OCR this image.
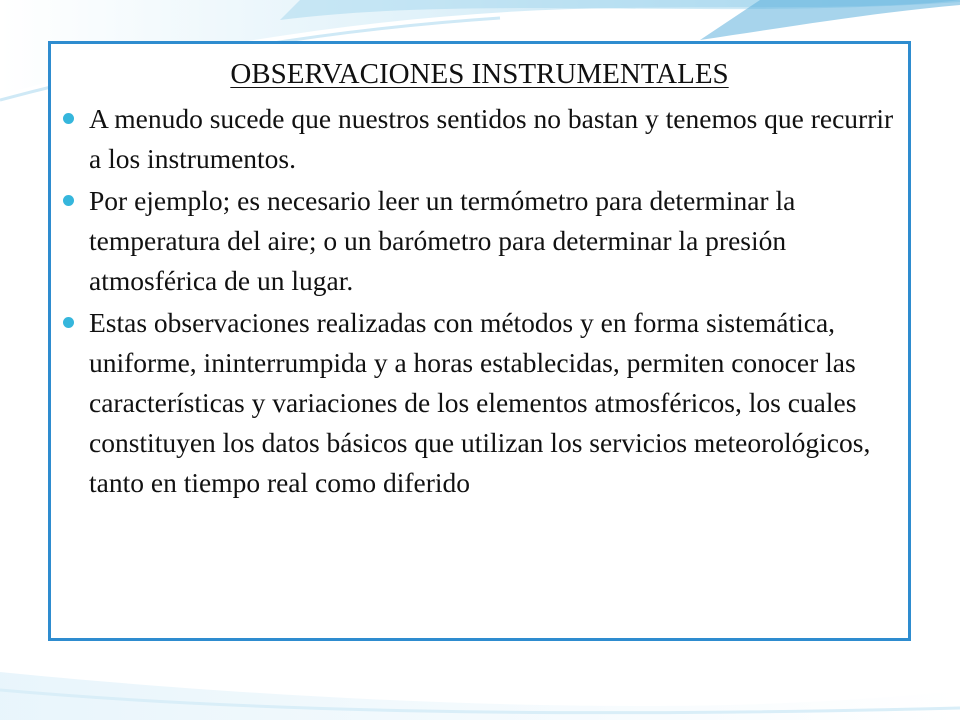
OBSERVACIONES INSTRUMENTALES
A menudo sucede que nuestros sentidos no bastan y tenemos que recurrir a los instrumentos.
Por ejemplo; es necesario leer un termómetro para determinar la temperatura del aire; o un barómetro para determinar la presión atmosférica de un lugar.
Estas observaciones realizadas con métodos y en forma sistemática, uniforme, ininterrumpida y a horas establecidas, permiten conocer las características y variaciones de los elementos atmosféricos, los cuales constituyen los datos básicos que utilizan los servicios meteorológicos, tanto en tiempo real como diferido
